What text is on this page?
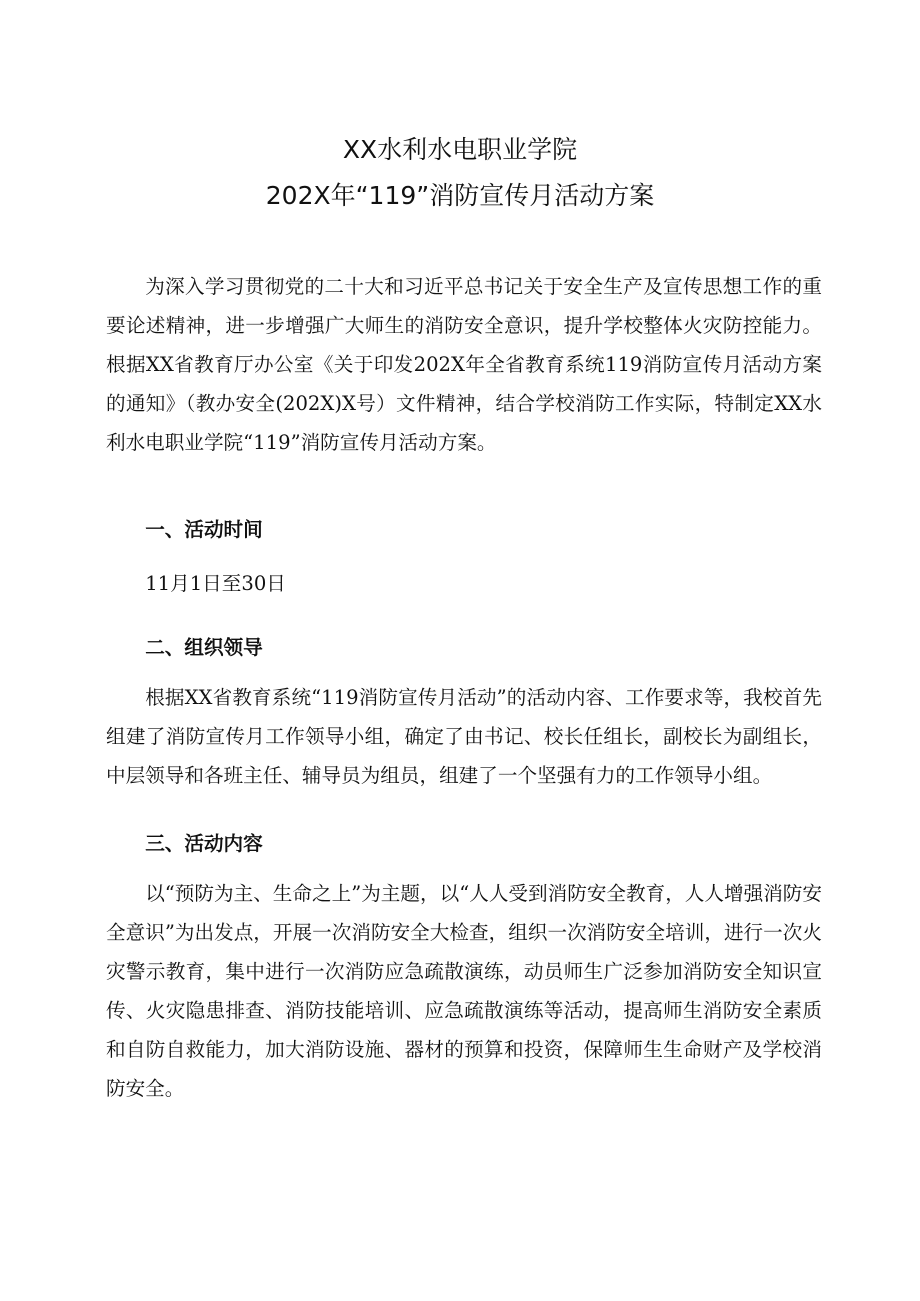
XX水利水电职业学院
202X年“119”消防宣传月活动方案

为深入学习贯彻党的二十大和习近平总书记关于安全生产及宣传思想工作的重要论述精神，进一步增强广大师生的消防安全意识，提升学校整体火灾防控能力。根据XX省教育厅办公室《关于印发202X年全省教育系统119消防宣传月活动方案的通知》（教办安全(202X)X号）文件精神，结合学校消防工作实际，特制定XX水利水电职业学院“119”消防宣传月活动方案。

一、活动时间

11月1日至30日

二、组织领导

根据XX省教育系统“119消防宣传月活动”的活动内容、工作要求等，我校首先组建了消防宣传月工作领导小组，确定了由书记、校长任组长，副校长为副组长，中层领导和各班主任、辅导员为组员，组建了一个坚强有力的工作领导小组。

三、活动内容

以“预防为主、生命之上”为主题，以“人人受到消防安全教育，人人增强消防安全意识”为出发点，开展一次消防安全大检查，组织一次消防安全培训，进行一次火灾警示教育，集中进行一次消防应急疏散演练，动员师生广泛参加消防安全知识宣传、火灾隐患排查、消防技能培训、应急疏散演练等活动，提高师生消防安全素质和自防自救能力，加大消防设施、器材的预算和投资，保障师生生命财产及学校消防安全。
